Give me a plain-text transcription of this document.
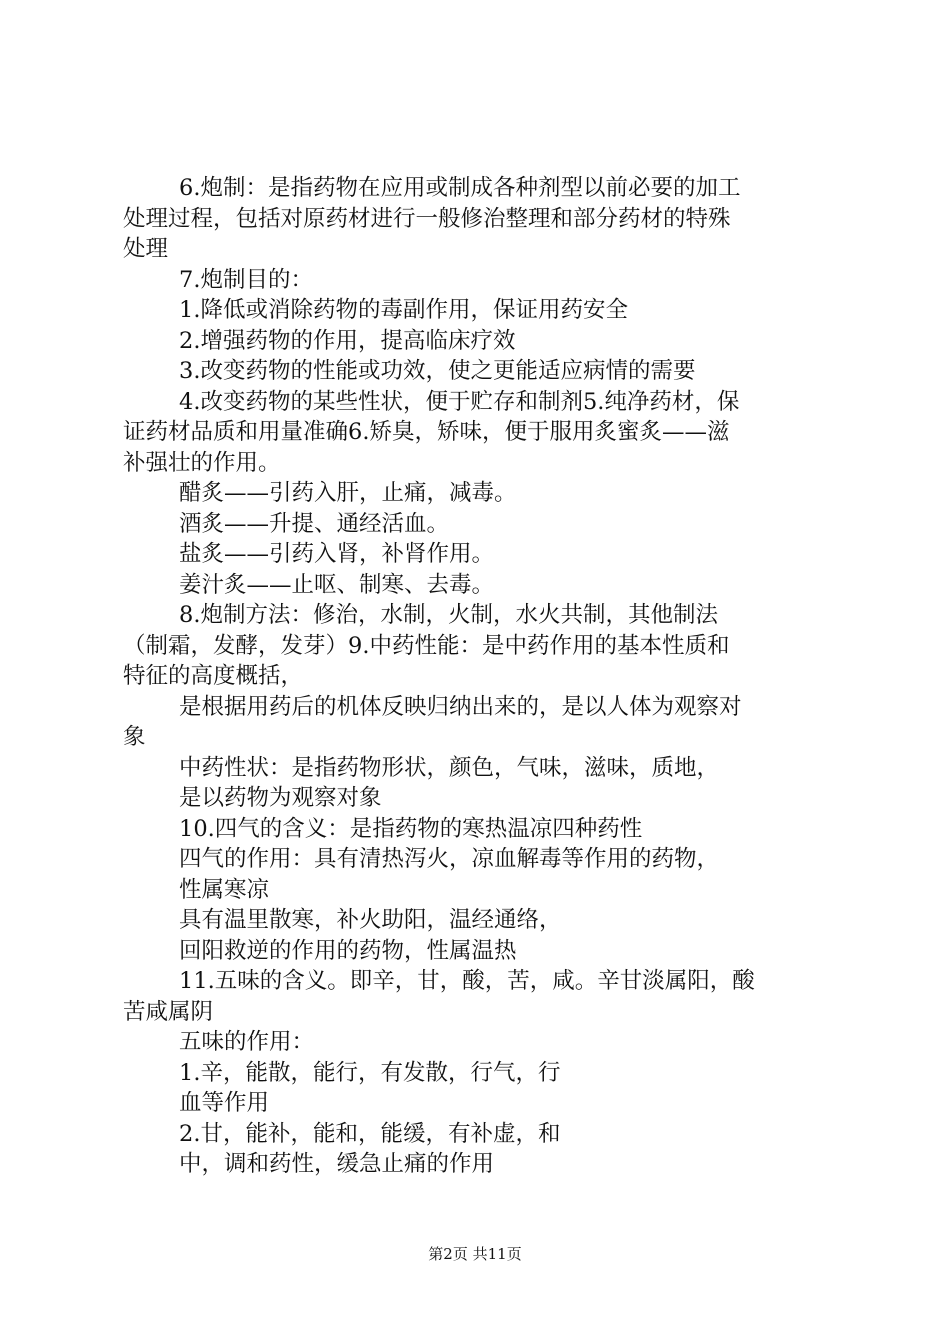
6.炮制：是指药物在应用或制成各种剂型以前必要的加工
处理过程，包括对原药材进行一般修治整理和部分药材的特殊
处理
7.炮制目的：
1.降低或消除药物的毒副作用，保证用药安全
2.增强药物的作用，提高临床疗效
3.改变药物的性能或功效，使之更能适应病情的需要
4.改变药物的某些性状，便于贮存和制剂5.纯净药材，保
证药材品质和用量准确6.矫臭，矫味，便于服用炙蜜炙——滋
补强壮的作用。
醋炙——引药入肝，止痛，减毒。
酒炙——升提、通经活血。
盐炙——引药入肾，补肾作用。
姜汁炙——止呕、制寒、去毒。
8.炮制方法：修治，水制，火制，水火共制，其他制法
（制霜，发酵，发芽）9.中药性能：是中药作用的基本性质和
特征的高度概括，
是根据用药后的机体反映归纳出来的，是以人体为观察对
象
中药性状：是指药物形状，颜色，气味，滋味，质地，
是以药物为观察对象
10.四气的含义：是指药物的寒热温凉四种药性
四气的作用：具有清热泻火，凉血解毒等作用的药物，
性属寒凉
具有温里散寒，补火助阳，温经通络，
回阳救逆的作用的药物，性属温热
11.五味的含义。即辛，甘，酸，苦，咸。辛甘淡属阳，酸
苦咸属阴
五味的作用：
1.辛，能散，能行，有发散，行气，行
血等作用
2.甘，能补，能和，能缓，有补虚，和
中，调和药性，缓急止痛的作用
第2页 共11页
